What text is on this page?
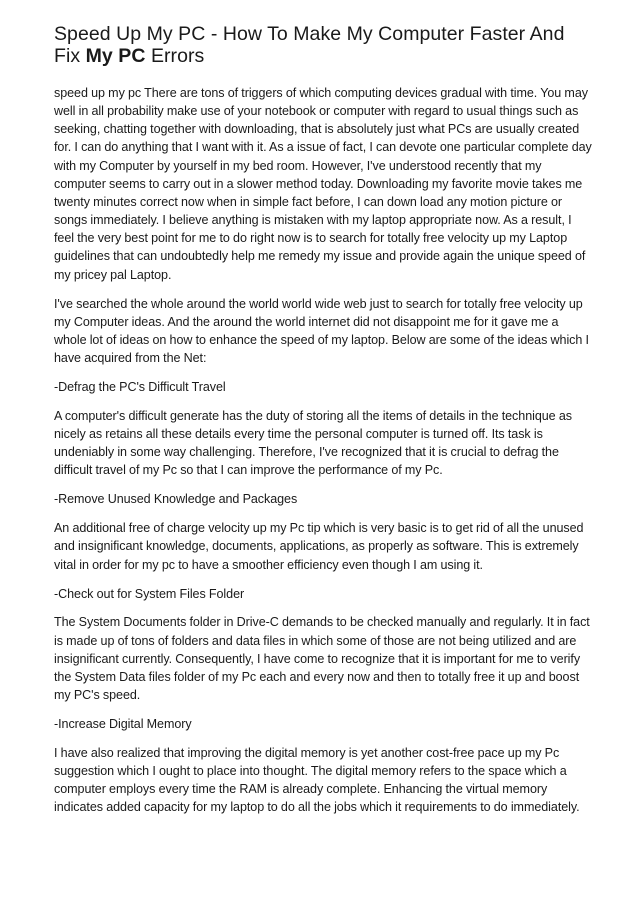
Speed Up My PC - How To Make My Computer Faster And Fix My PC Errors

speed up my pc There are tons of triggers of which computing devices gradual with time. You may well in all probability make use of your notebook or computer with regard to usual things such as seeking, chatting together with downloading, that is absolutely just what PCs are usually created for. I can do anything that I want with it. As a issue of fact, I can devote one particular complete day with my Computer by yourself in my bed room. However, I've understood recently that my computer seems to carry out in a slower method today. Downloading my favorite movie takes me twenty minutes correct now when in simple fact before, I can down load any motion picture or songs immediately. I believe anything is mistaken with my laptop appropriate now. As a result, I feel the very best point for me to do right now is to search for totally free velocity up my Laptop guidelines that can undoubtedly help me remedy my issue and provide again the unique speed of my pricey pal Laptop.

I've searched the whole around the world world wide web just to search for totally free velocity up my Computer ideas. And the around the world internet did not disappoint me for it gave me a whole lot of ideas on how to enhance the speed of my laptop. Below are some of the ideas which I have acquired from the Net:

-Defrag the PC's Difficult Travel

A computer's difficult generate has the duty of storing all the items of details in the technique as nicely as retains all these details every time the personal computer is turned off. Its task is undeniably in some way challenging. Therefore, I've recognized that it is crucial to defrag the difficult travel of my Pc so that I can improve the performance of my Pc.

-Remove Unused Knowledge and Packages

An additional free of charge velocity up my Pc tip which is very basic is to get rid of all the unused and insignificant knowledge, documents, applications, as properly as software. This is extremely vital in order for my pc to have a smoother efficiency even though I am using it.

-Check out for System Files Folder

The System Documents folder in Drive-C demands to be checked manually and regularly. It in fact is made up of tons of folders and data files in which some of those are not being utilized and are insignificant currently. Consequently, I have come to recognize that it is important for me to verify the System Data files folder of my Pc each and every now and then to totally free it up and boost my PC's speed.

-Increase Digital Memory

I have also realized that improving the digital memory is yet another cost-free pace up my Pc suggestion which I ought to place into thought. The digital memory refers to the space which a computer employs every time the RAM is already complete. Enhancing the virtual memory indicates added capacity for my laptop to do all the jobs which it requirements to do immediately.
